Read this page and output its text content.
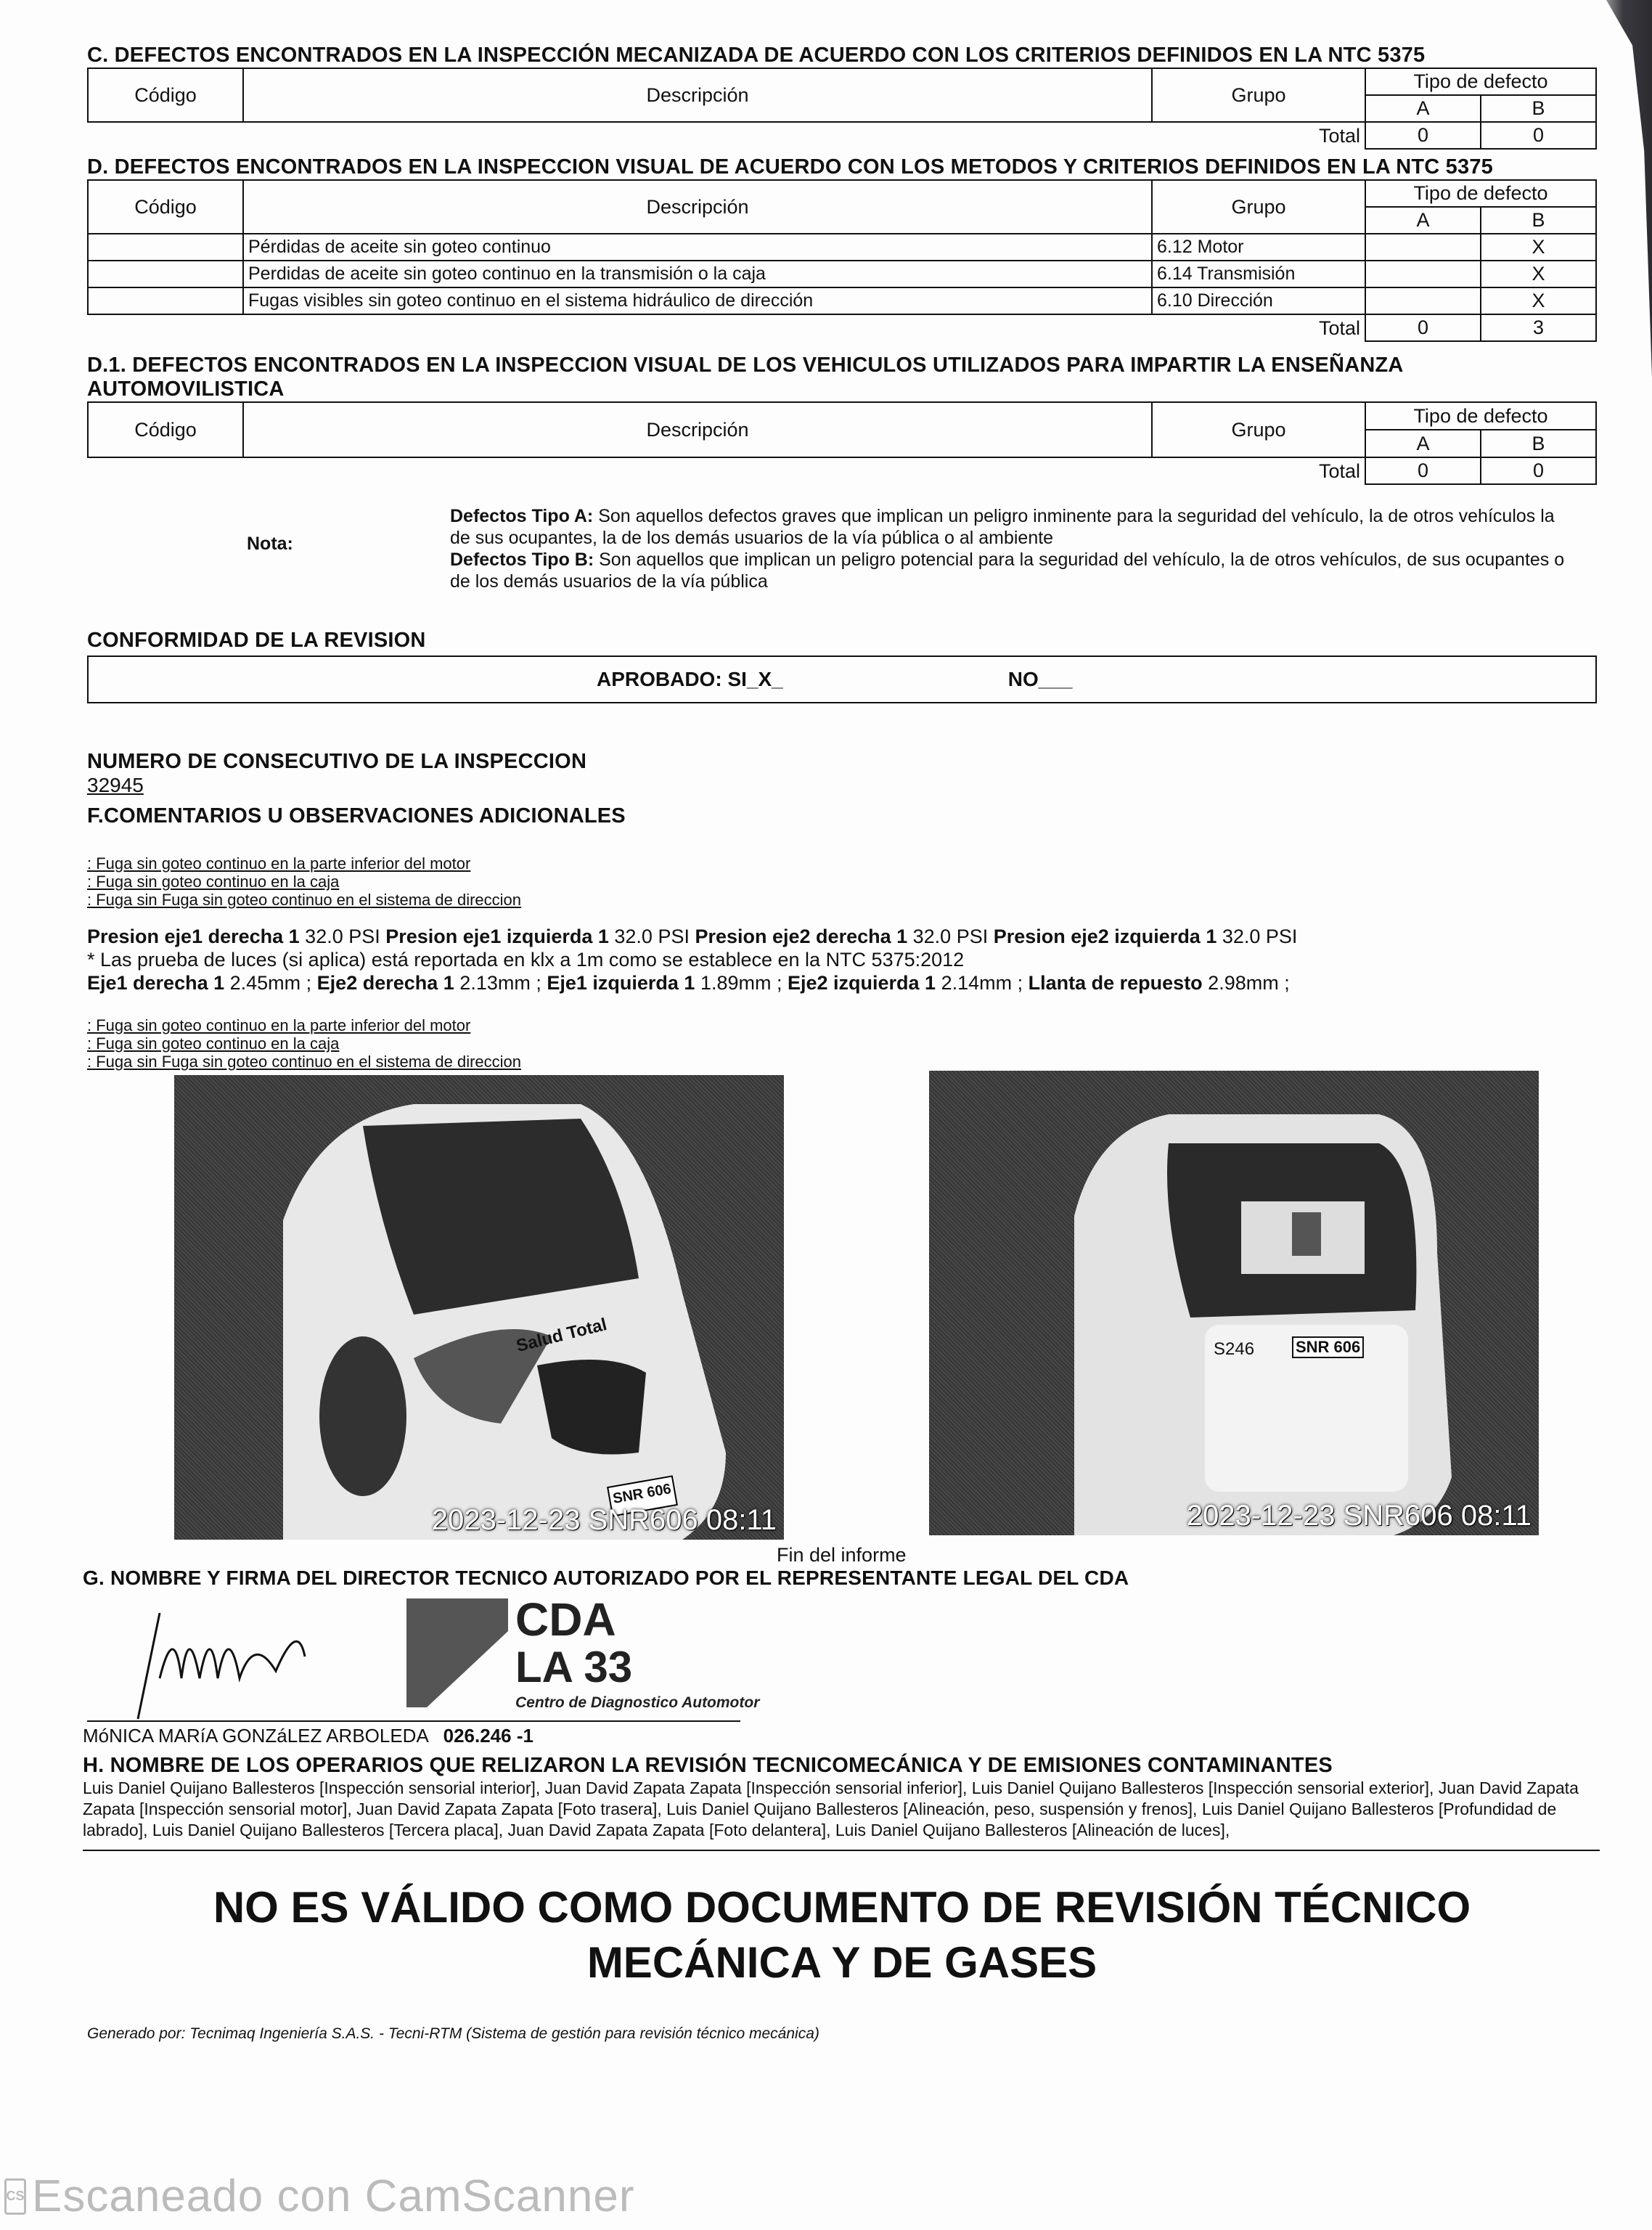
C. DEFECTOS ENCONTRADOS EN LA INSPECCIÓN MECANIZADA DE ACUERDO CON LOS CRITERIOS DEFINIDOS EN LA NTC 5375
Código	Descripción	Grupo	Tipo de defecto	
			A	B
Total			0	0
D. DEFECTOS ENCONTRADOS EN LA INSPECCION VISUAL DE ACUERDO CON LOS METODOS Y CRITERIOS DEFINIDOS EN LA NTC 5375
Código	Descripción	Grupo	Tipo de defecto	
			A	B
	Pérdidas de aceite sin goteo continuo	6.12 Motor		X
	Perdidas de aceite sin goteo continuo en la transmisión o la caja	6.14 Transmisión		X
	Fugas visibles sin goteo continuo en el sistema hidráulico de dirección	6.10 Dirección		X
Total			0	3
D.1. DEFECTOS ENCONTRADOS EN LA INSPECCION VISUAL DE LOS VEHICULOS UTILIZADOS PARA IMPARTIR LA ENSEÑANZA
AUTOMOVILISTICA
Código	Descripción	Grupo	Tipo de defecto	
			A	B
Total			0	0
Nota:
Defectos Tipo A: Son aquellos defectos graves que implican un peligro inminente para la seguridad del vehículo, la de otros vehículos la de sus ocupantes, la de los demás usuarios de la vía pública o al ambiente
Defectos Tipo B: Son aquellos que implican un peligro potencial para la seguridad del vehículo, la de otros vehículos, de sus ocupantes o de los demás usuarios de la vía pública
CONFORMIDAD DE LA REVISION
APROBADO: SI_X_	NO___
NUMERO DE CONSECUTIVO DE LA INSPECCION
32945
F.COMENTARIOS U OBSERVACIONES ADICIONALES
: Fuga sin goteo continuo en la parte inferior del motor
: Fuga sin goteo continuo en la caja
: Fuga sin Fuga sin goteo continuo en el sistema de direccion
Presion eje1 derecha 1 32.0 PSI Presion eje1 izquierda 1 32.0 PSI Presion eje2 derecha 1 32.0 PSI Presion eje2 izquierda 1 32.0 PSI
* Las prueba de luces (si aplica) está reportada en klx a 1m como se establece en la NTC 5375:2012
Eje1 derecha 1 2.45mm ; Eje2 derecha 1 2.13mm ; Eje1 izquierda 1 1.89mm ; Eje2 izquierda 1 2.14mm ; Llanta de repuesto 2.98mm ;
: Fuga sin goteo continuo en la parte inferior del motor
: Fuga sin goteo continuo en la caja
: Fuga sin Fuga sin goteo continuo en el sistema de direccion
Salud Total
SNR 606
2023-12-23 SNR606 08:11
S246	SNR 606
2023-12-23 SNR606 08:11
Fin del informe
G. NOMBRE Y FIRMA DEL DIRECTOR TECNICO AUTORIZADO POR EL REPRESENTANTE LEGAL DEL CDA
CDA
LA 33
Centro de Diagnostico Automotor
MóNICA MARíA GONZáLEZ ARBOLEDA 026.246 -1
H. NOMBRE DE LOS OPERARIOS QUE RELIZARON LA REVISIÓN TECNICOMECÁNICA Y DE EMISIONES CONTAMINANTES
Luis Daniel Quijano Ballesteros [Inspección sensorial interior], Juan David Zapata Zapata [Inspección sensorial inferior], Luis Daniel Quijano Ballesteros [Inspección sensorial exterior], Juan David Zapata Zapata [Inspección sensorial motor], Juan David Zapata Zapata [Foto trasera], Luis Daniel Quijano Ballesteros [Alineación, peso, suspensión y frenos], Luis Daniel Quijano Ballesteros [Profundidad de labrado], Luis Daniel Quijano Ballesteros [Tercera placa], Juan David Zapata Zapata [Foto delantera], Luis Daniel Quijano Ballesteros [Alineación de luces],
NO ES VÁLIDO COMO DOCUMENTO DE REVISIÓN TÉCNICO
MECÁNICA Y DE GASES
Generado por: Tecnimaq Ingeniería S.A.S. - Tecni-RTM (Sistema de gestión para revisión técnico mecánica)
CS Escaneado con CamScanner
